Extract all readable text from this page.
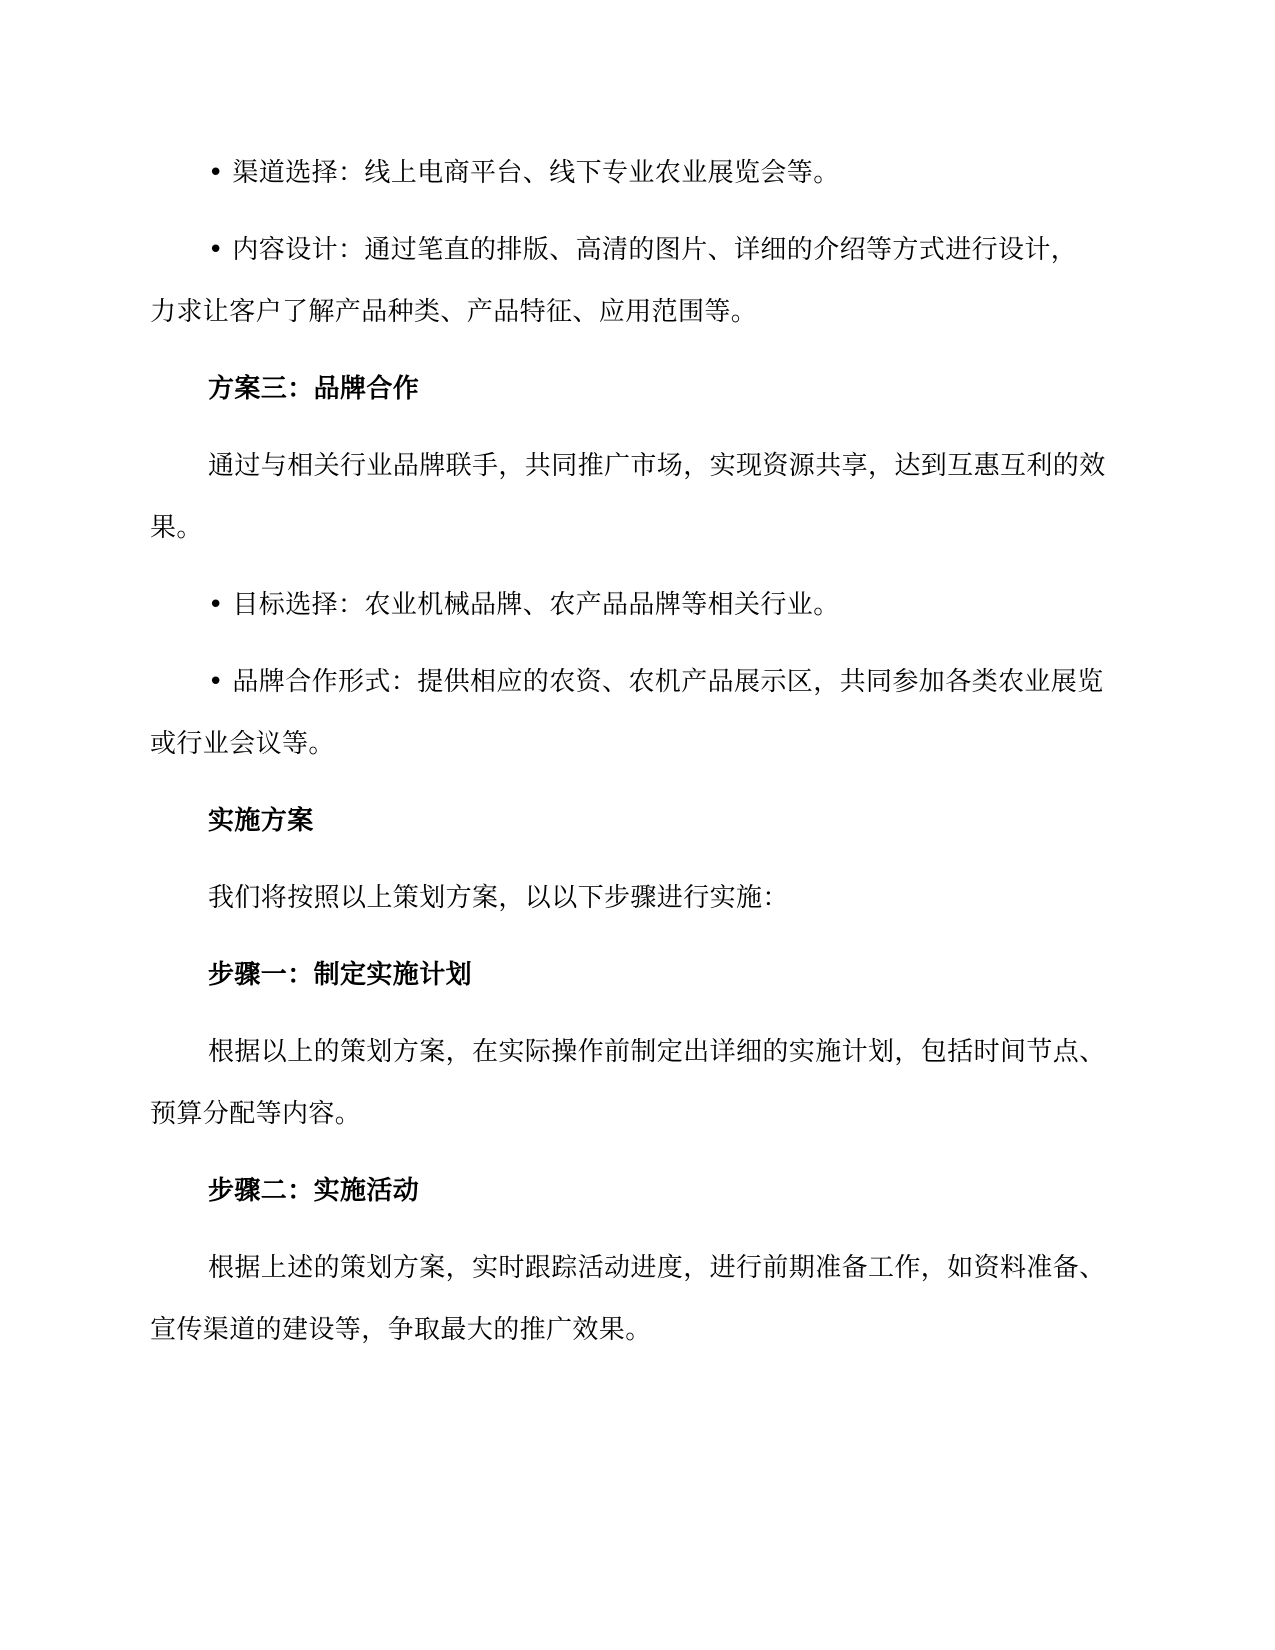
• 渠道选择：线上电商平台、线下专业农业展览会等。

• 内容设计：通过笔直的排版、高清的图片、详细的介绍等方式进行设计， 力求让客户了解产品种类、产品特征、应用范围等。

方案三：品牌合作

通过与相关行业品牌联手，共同推广市场，实现资源共享，达到互惠互利的效果。

• 目标选择：农业机械品牌、农产品品牌等相关行业。

• 品牌合作形式：提供相应的农资、农机产品展示区，共同参加各类农业展览或行业会议等。

实施方案

我们将按照以上策划方案，以以下步骤进行实施：

步骤一：制定实施计划

根据以上的策划方案，在实际操作前制定出详细的实施计划，包括时间节点、预算分配等内容。

步骤二：实施活动

根据上述的策划方案，实时跟踪活动进度，进行前期准备工作，如资料准备、宣传渠道的建设等，争取最大的推广效果。
